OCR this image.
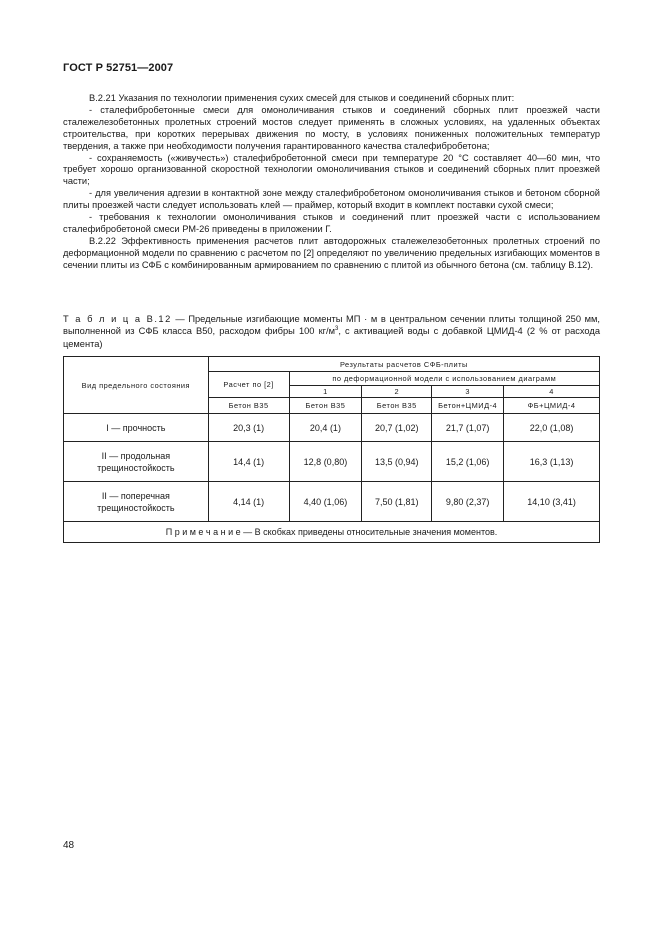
ГОСТ Р 52751—2007

В.2.21 Указания по технологии применения сухих смесей для стыков и соединений сборных плит:

- сталефибробетонные смеси для омоноличивания стыков и соединений сборных плит проезжей части сталежелезобетонных пролетных строений мостов следует применять в сложных условиях, на удаленных объектах строительства, при коротких перерывах движения по мосту, в условиях пониженных положительных температур твердения, а также при необходимости получения гарантированного качества сталефибробетона;

- сохраняемость («живучесть») сталефибробетонной смеси при температуре 20 °С составляет 40—60 мин, что требует хорошо организованной скоростной технологии омоноличивания стыков и соединений сборных плит проезжей части;

- для увеличения адгезии в контактной зоне между сталефибробетоном омоноличивания стыков и бетоном сборной плиты проезжей части следует использовать клей — праймер, который входит в комплект поставки сухой смеси;

- требования к технологии омоноличивания стыков и соединений плит проезжей части с использованием сталефибробетоной смеси РМ-26 приведены в приложении Г.

В.2.22 Эффективность применения расчетов плит автодорожных сталежелезобетонных пролетных строений по деформационной модели по сравнению с расчетом по [2] определяют по увеличению предельных изгибающих моментов в сечении плиты из СФБ с комбинированным армированием по сравнению с плитой из обычного бетона (см. таблицу В.12).

Т а б л и ц а В.12 — Предельные изгибающие моменты МП · м в центральном сечении плиты толщиной 250 мм, выполненной из СФБ класса В50, расходом фибры 100 $кг/м^3$, с активацией воды с добавкой ЦМИД-4 (2 % от расхода цемента)
Вид предельного состояния	Результаты расчетов СФБ-плиты				
	Расчет по [2]	по деформационной модели с использованием диаграмм			
		1	2	3	4
	Бетон В35	Бетон В35	Бетон В35	Бетон+ЦМИД-4	ФБ+ЦМИД-4
I — прочность	20,3 (1)	20,4 (1)	20,7 (1,02)	21,7 (1,07)	22,0 (1,08)
II — продольная трещиностойкость	14,4 (1)	12,8 (0,80)	13,5 (0,94)	15,2 (1,06)	16,3 (1,13)
II — поперечная трещиностойкость	4,14 (1)	4,40 (1,06)	7,50 (1,81)	9,80 (2,37)	14,10 (3,41)
П р и м е ч а н и е — В скобках приведены относительные значения моментов.					
48
